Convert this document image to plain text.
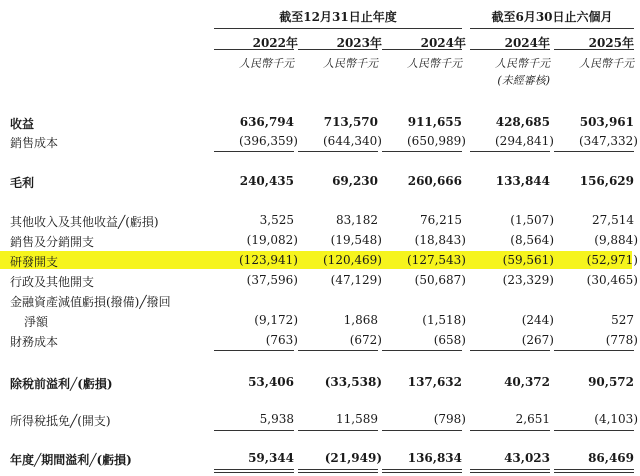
截至12月31日止年度	截至6月30日止六個月
2022年	2023年	2024年	2024年	2025年
人民幣千元	人民幣千元	人民幣千元	人民幣千元	人民幣千元
(未經審核)
收益	636,794	713,570	911,655	428,685	503,961
銷售成本	(396,359)	(644,340)	(650,989)	(294,841)	(347,332)
毛利	240,435	69,230	260,666	133,844	156,629
其他收入及其他收益╱(虧損)	3,525	83,182	76,215	(1,507)	27,514
銷售及分銷開支	(19,082)	(19,548)	(18,843)	(8,564)	(9,884)
研發開支	(123,941)	(120,469)	(127,543)	(59,561)	(52,971)
行政及其他開支	(37,596)	(47,129)	(50,687)	(23,329)	(30,465)
金融資產減值虧損(撥備)╱撥回
淨額	(9,172)	1,868	(1,518)	(244)	527
財務成本	(763)	(672)	(658)	(267)	(778)
除稅前溢利╱(虧損)	53,406	(33,538)	137,632	40,372	90,572
所得稅抵免╱(開支)	5,938	11,589	(798)	2,651	(4,103)
年度╱期間溢利╱(虧損)	59,344	(21,949)	136,834	43,023	86,469
